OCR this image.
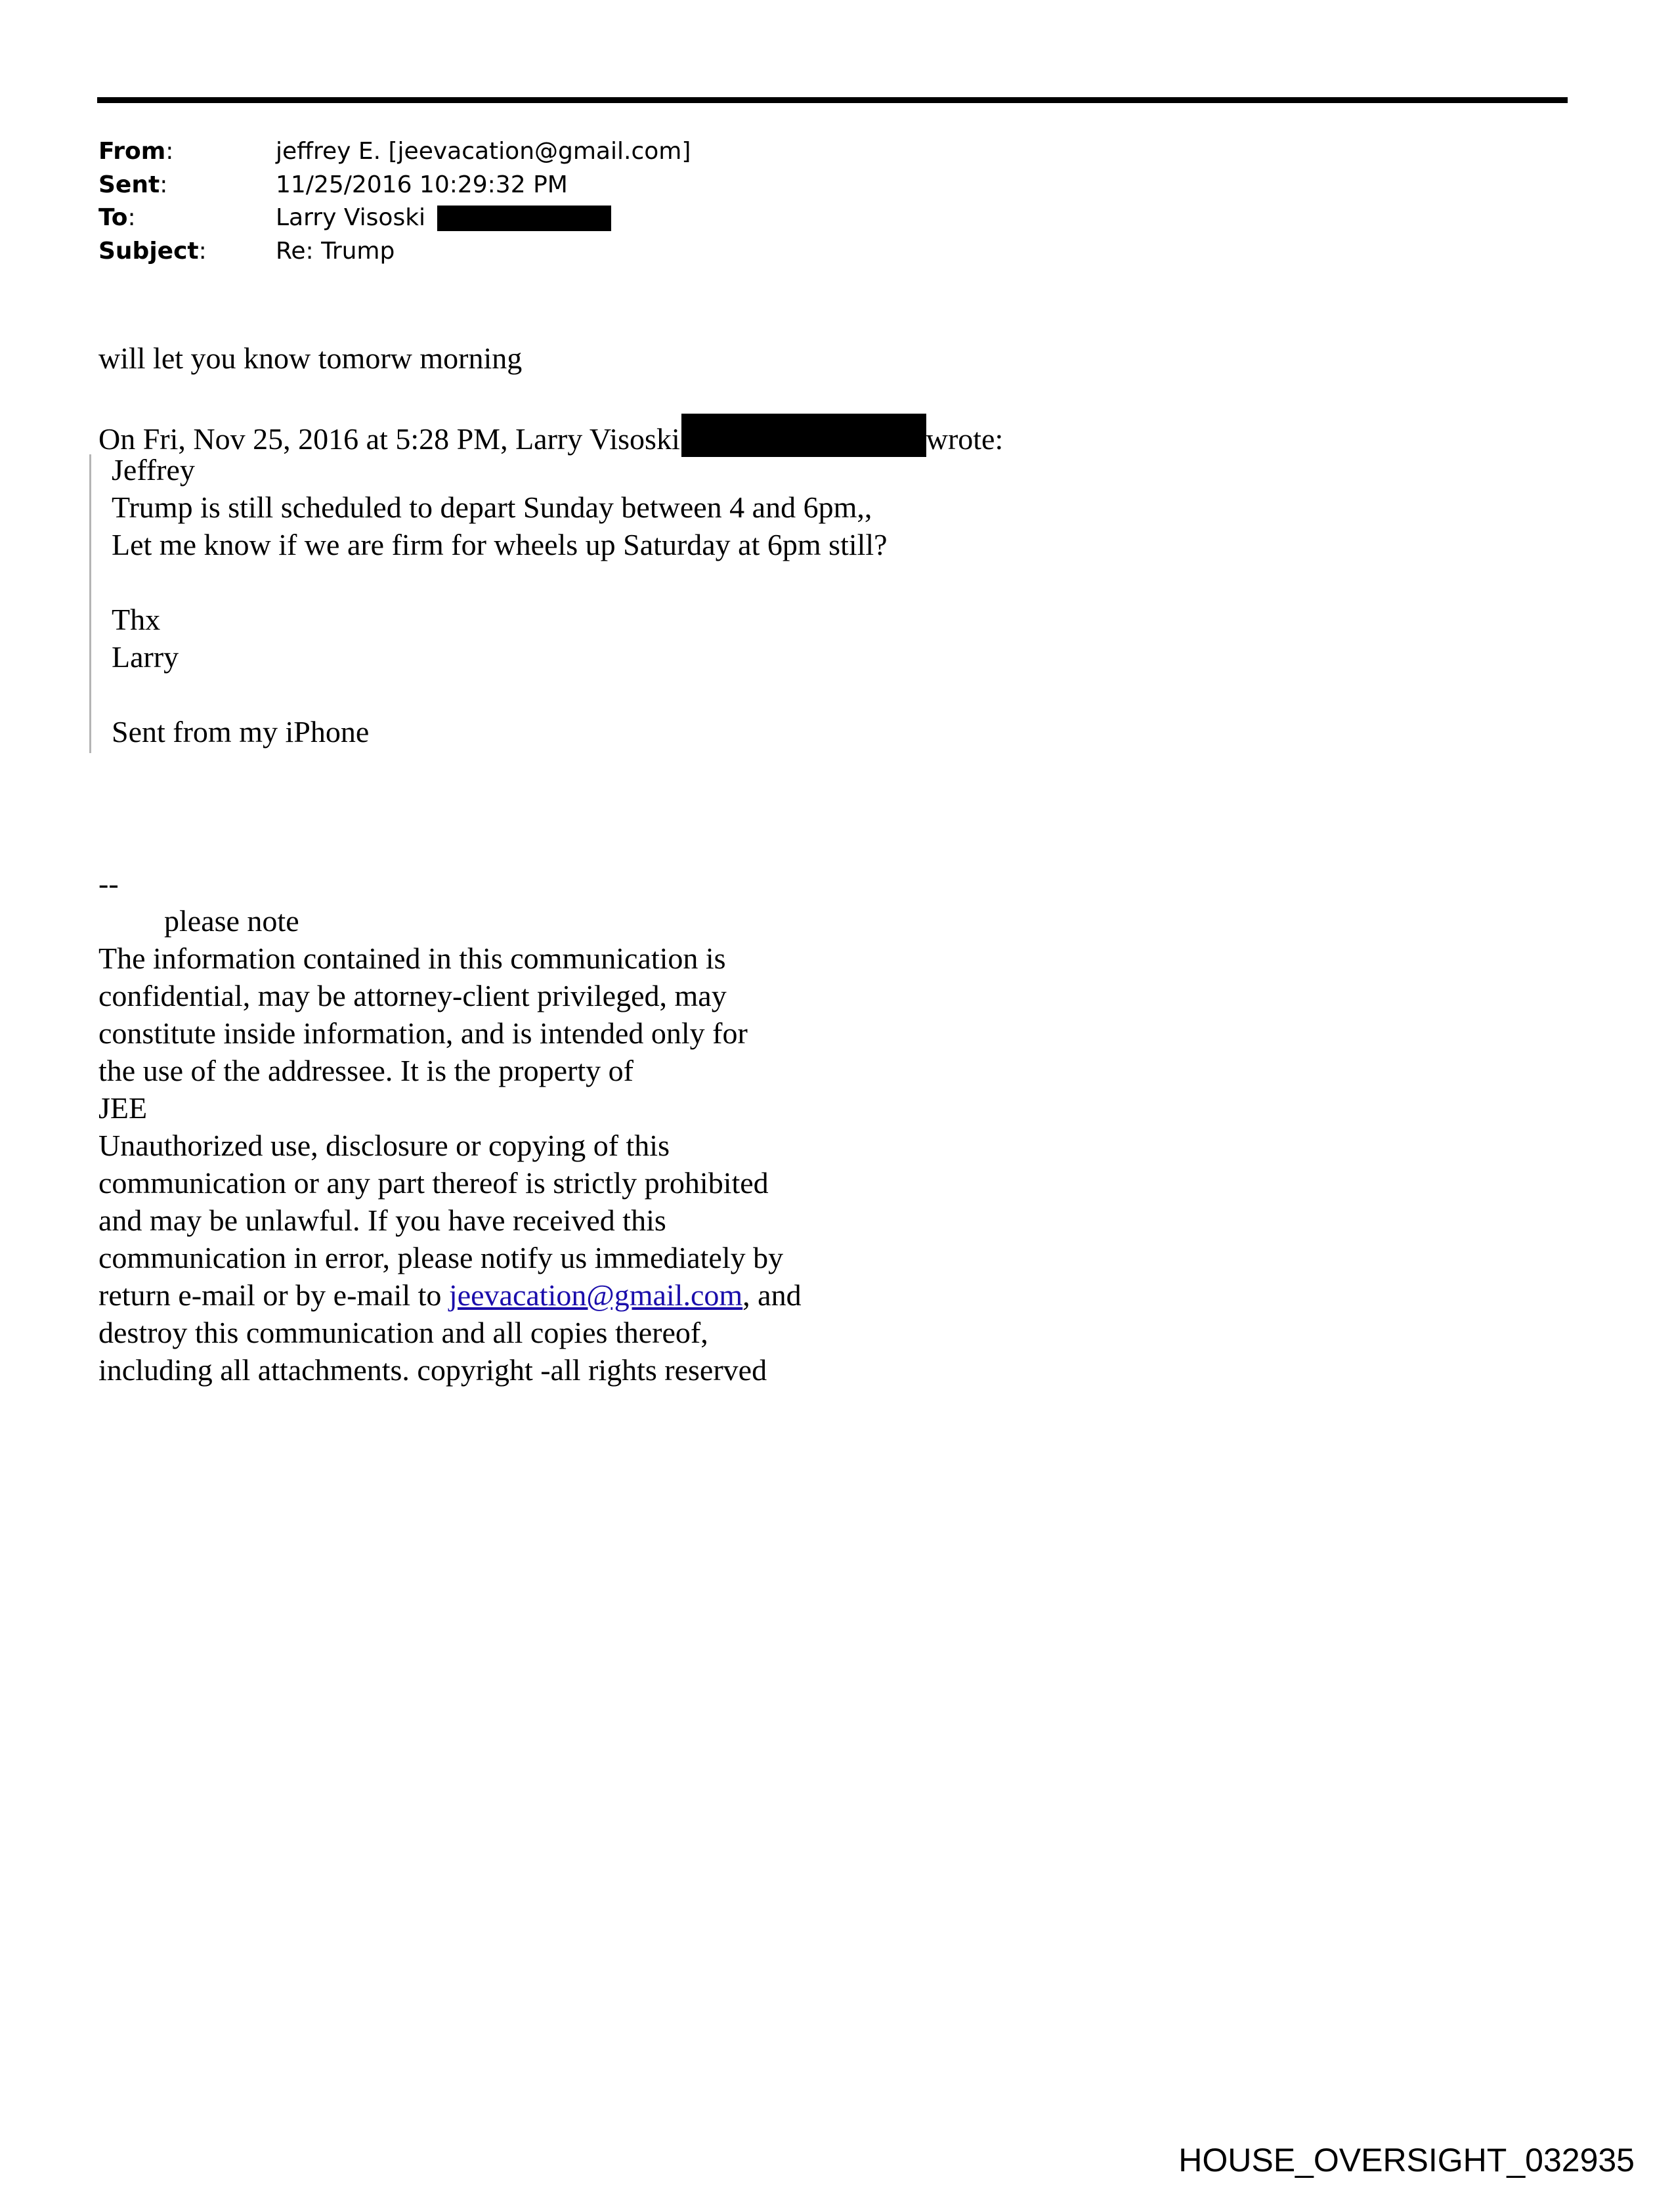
From:	jeffrey E. [jeevacation@gmail.com]
Sent:	11/25/2016 10:29:32 PM
To:	Larry Visoski
Subject:	Re: Trump
will let you know tomorw morning
On Fri, Nov 25, 2016 at 5:28 PM, Larry Visoski	wrote:
Jeffrey
Trump is still scheduled to depart Sunday between 4 and 6pm,,
Let me know if we are firm for wheels up Saturday at 6pm still?
Thx
Larry
Sent from my iPhone
--
please note
The information contained in this communication is
confidential, may be attorney-client privileged, may
constitute inside information, and is intended only for
the use of the addressee. It is the property of
JEE
Unauthorized use, disclosure or copying of this
communication or any part thereof is strictly prohibited
and may be unlawful. If you have received this
communication in error, please notify us immediately by
return e-mail or by e-mail to jeevacation@gmail.com, and
destroy this communication and all copies thereof,
including all attachments. copyright -all rights reserved
HOUSE_OVERSIGHT_032935
